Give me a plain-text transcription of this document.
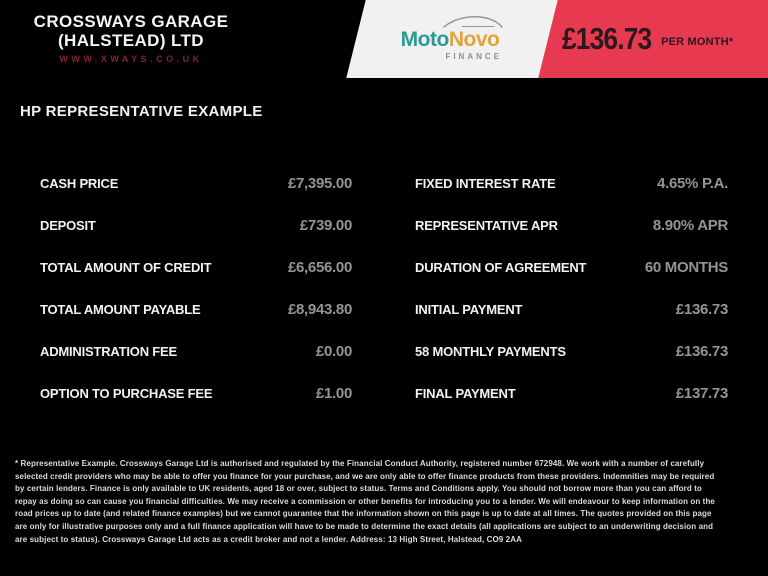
CROSSWAYS GARAGE
(HALSTEAD) LTD
WWW.XWAYS.CO.UK
MotoNovo
FINANCE
£136.73 PER MONTH*
HP REPRESENTATIVE EXAMPLE
CASH PRICE	£7,395.00
DEPOSIT	£739.00
TOTAL AMOUNT OF CREDIT	£6,656.00
TOTAL AMOUNT PAYABLE	£8,943.80
ADMINISTRATION FEE	£0.00
OPTION TO PURCHASE FEE	£1.00
FIXED INTEREST RATE	4.65% P.A.
REPRESENTATIVE APR	8.90% APR
DURATION OF AGREEMENT	60 MONTHS
INITIAL PAYMENT	£136.73
58 MONTHLY PAYMENTS	£136.73
FINAL PAYMENT	£137.73
* Representative Example. Crossways Garage Ltd is authorised and regulated by the Financial Conduct Authority, registered number 672948. We work with a number of carefully selected credit providers who may be able to offer you finance for your purchase, and we are only able to offer finance products from these providers. Indemnities may be required by certain lenders. Finance is only available to UK residents, aged 18 or over, subject to status. Terms and Conditions apply. You should not borrow more than you can afford to repay as doing so can cause you financial difficulties. We may receive a commission or other benefits for introducing you to a lender. We will endeavour to keep information on the road prices up to date (and related finance examples) but we cannot guarantee that the information shown on this page is up to date at all times. The quotes provided on this page are only for illustrative purposes only and a full finance application will have to be made to determine the exact details (all applications are subject to an underwriting decision and are subject to status). Crossways Garage Ltd acts as a credit broker and not a lender. Address: 13 High Street, Halstead, CO9 2AA
